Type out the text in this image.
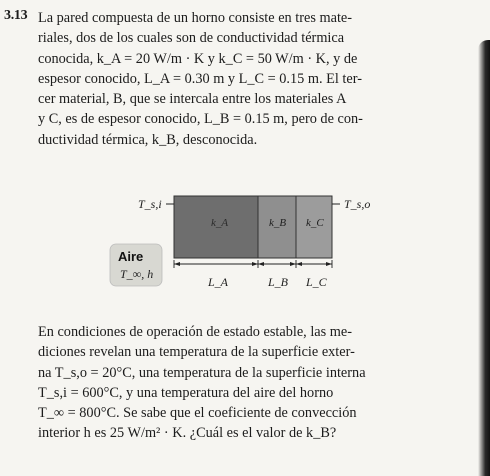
3.13 La pared compuesta de un horno consiste en tres mate-
riales, dos de los cuales son de conductividad térmica
conocida, k_A = 20 W/m · K y k_C = 50 W/m · K, y de
espesor conocido, L_A = 0.30 m y L_C = 0.15 m. El ter-
cer material, B, que se intercala entre los materiales A
y C, es de espesor conocido, L_B = 0.15 m, pero de con-
ductividad térmica, k_B, desconocida.
T_s,i	T_s,o
k_A	k_B k_C
Aire
T_∞, h
L_A	L_B L_C
En condiciones de operación de estado estable, las me-
diciones revelan una temperatura de la superficie exter-
na T_s,o = 20°C, una temperatura de la superficie interna
T_s,i = 600°C, y una temperatura del aire del horno
T_∞ = 800°C. Se sabe que el coeficiente de convección
interior h es 25 W/m² · K. ¿Cuál es el valor de k_B?
